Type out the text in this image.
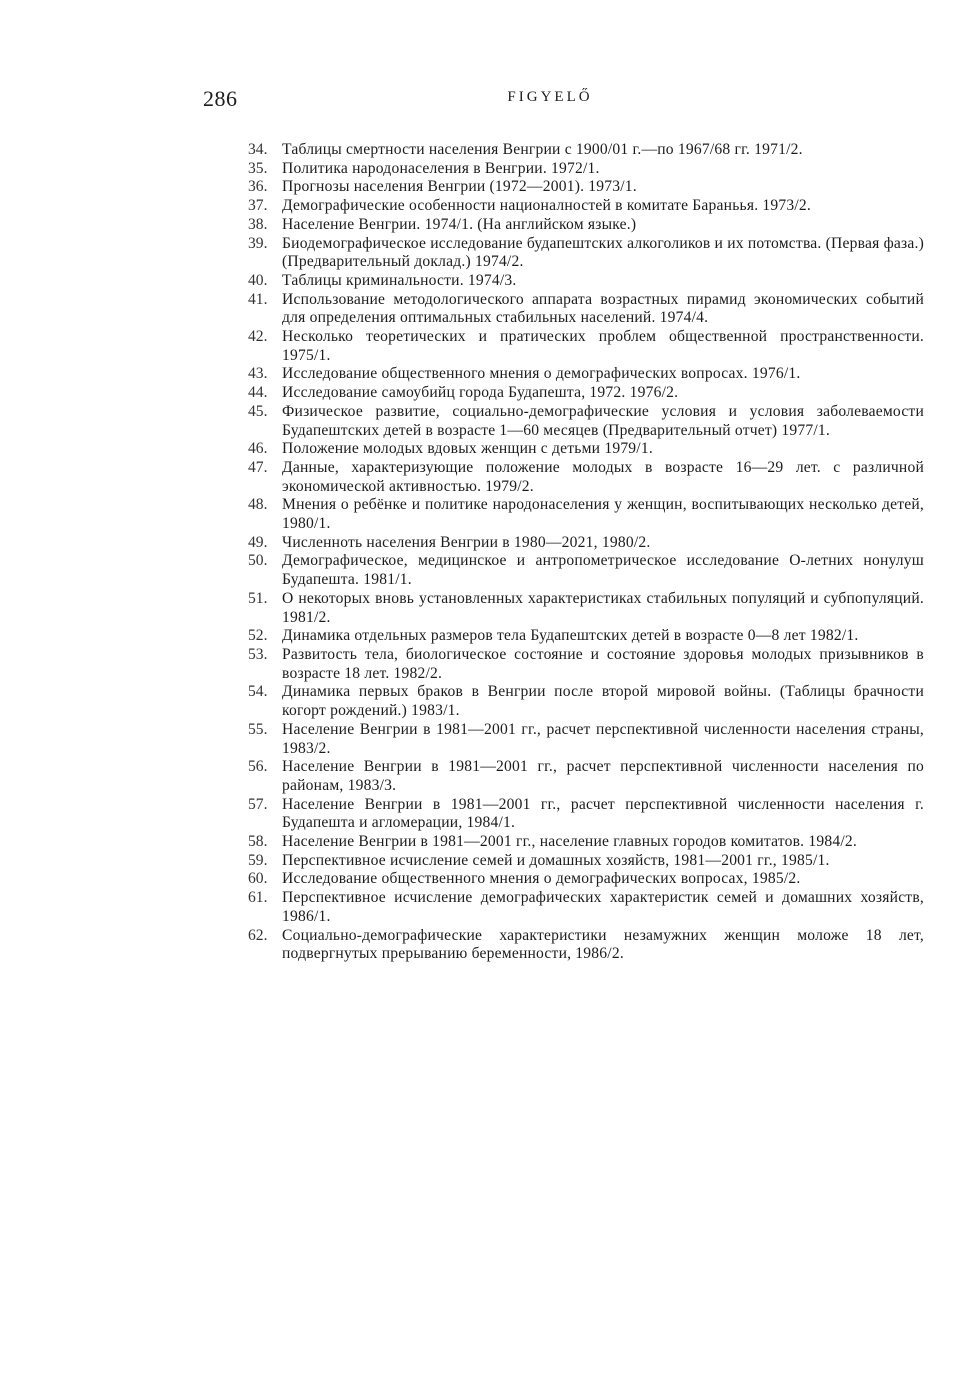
286	FIGYELŐ
34. Таблицы смертности населения Венгрии с 1900/01 г.—по 1967/68 гг. 1971/2.
35. Политика народонаселения в Венгрии. 1972/1.
36. Прогнозы населения Венгрии (1972—2001). 1973/1.
37. Демографические особенности националностей в комитате Бараньья. 1973/2.
38. Население Венгрии. 1974/1. (На английском языке.)
39. Биодемографическое исследование будапештских алкоголиков и их потомства. (Первая фаза.) (Предварительный доклад.) 1974/2.
40. Таблицы криминальности. 1974/3.
41. Использование методологического аппарата возрастных пирамид экономических событий для определения оптимальных стабильных населений. 1974/4.
42. Несколько теоретических и пратических проблем общественной пространственности. 1975/1.
43. Исследование общественного мнения о демографических вопросах. 1976/1.
44. Исследование самоубийц города Будапешта, 1972. 1976/2.
45. Физическое развитие, социально-демографические условия и условия заболеваемости Будапештских детей в возрасте 1—60 месяцев (Предварительный отчет) 1977/1.
46. Положение молодых вдовых женщин с детьми 1979/1.
47. Данные, характеризующие положение молодых в возрасте 16—29 лет. с различной экономической активностью. 1979/2.
48. Мнения о ребёнке и политике народонаселения у женщин, воспитывающих несколько детей, 1980/1.
49. Численноть населения Венгрии в 1980—2021, 1980/2.
50. Демографическое, медицинское и антропометрическое исследование О-летних нонулуш Будапешта. 1981/1.
51. О некоторых вновь установленных характеристиках стабильных популяций и субпопуляций. 1981/2.
52. Динамика отдельных размеров тела Будапештских детей в возрасте 0—8 лет 1982/1.
53. Развитость тела, биологическое состояние и состояние здоровья молодых призывников в возрасте 18 лет. 1982/2.
54. Динамика первых браков в Венгрии после второй мировой войны. (Таблицы брачности когорт рождений.) 1983/1.
55. Население Венгрии в 1981—2001 гг., расчет перспективной численности населения страны, 1983/2.
56. Население Венгрии в 1981—2001 гг., расчет перспективной численности населения по районам, 1983/3.
57. Население Венгрии в 1981—2001 гг., расчет перспективной численности населения г. Будапешта и агломерации, 1984/1.
58. Население Венгрии в 1981—2001 гг., население главных городов комитатов. 1984/2.
59. Перспективное исчисление семей и домашных хозяйств, 1981—2001 гг., 1985/1.
60. Исследование общественного мнения о демографических вопросах, 1985/2.
61. Перспективное исчисление демографических характеристик семей и домашних хозяйств, 1986/1.
62. Социально-демографические характеристики незамужних женщин моложе 18 лет, подвергнутых прерыванию беременности, 1986/2.
